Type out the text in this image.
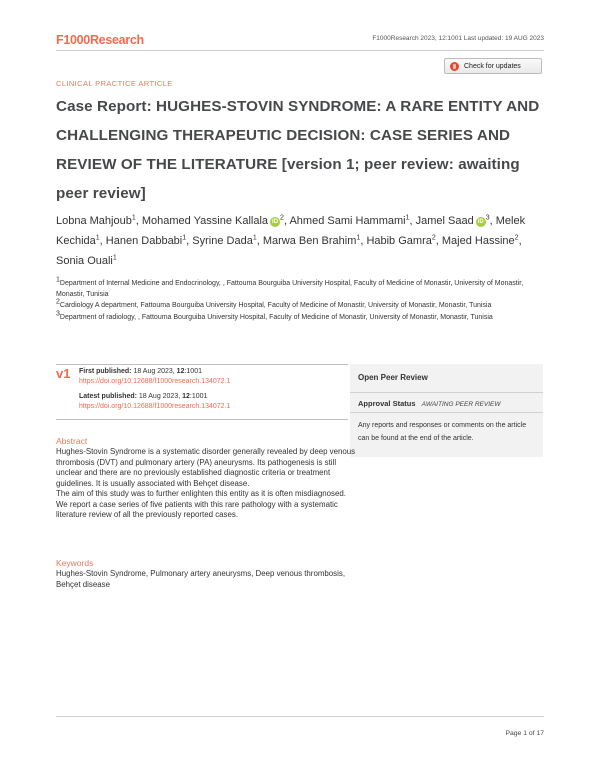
F1000Research	F1000Research 2023, 12:1001 Last updated: 19 AUG 2023
Check for updates
CLINICAL PRACTICE ARTICLE
Case Report: HUGHES-STOVIN SYNDROME: A RARE ENTITY AND CHALLENGING THERAPEUTIC DECISION: CASE SERIES AND REVIEW OF THE LITERATURE [version 1; peer review: awaiting peer review]
Lobna Mahjoub$^1$, Mohamed Yassine Kallala $iD^2$, Ahmed Sami Hammami$^1$, Jamel Saad $iD^3$, Melek Kechida$^1$, Hanen Dabbabi$^1$, Syrine Dada$^1$, Marwa Ben Brahim$^1$, Habib Gamra$^2$, Majed Hassine$^2$, Sonia Ouali$^1$

$^1$Department of Internal Medicine and Endocrinology, , Fattouma Bourguiba University Hospital, Faculty of Medicine of Monastir, University of Monastir, Monastir, Tunisia

$^2$Cardiology A department, Fattouma Bourguiba University Hospital, Faculty of Medicine of Monastir, University of Monastir, Monastir, Tunisia

$^3$Department of radiology, , Fattouma Bourguiba University Hospital, Faculty of Medicine of Monastir, University of Monastir, Monastir, Tunisia

v1 First published: 18 Aug 2023, 12:1001
https://doi.org/10.12688/f1000research.134072.1
Latest published: 18 Aug 2023, 12:1001
https://doi.org/10.12688/f1000research.134072.1
Open Peer Review
Approval Status AWAITING PEER REVIEW
Any reports and responses or comments on the article can be found at the end of the article.
Abstract

Hughes-Stovin Syndrome is a systematic disorder generally revealed by deep venous thrombosis (DVT) and pulmonary artery (PA) aneurysms. Its pathogenesis is still unclear and there are no previously established diagnostic criteria or treatment guidelines. It is usually associated with Behçet disease.

The aim of this study was to further enlighten this entity as it is often misdiagnosed. We report a case series of five patients with this rare pathology with a systematic literature review of all the previously reported cases.

Keywords
Hughes-Stovin Syndrome, Pulmonary artery aneurysms, Deep venous thrombosis, Behçet disease
Page 1 of 17
